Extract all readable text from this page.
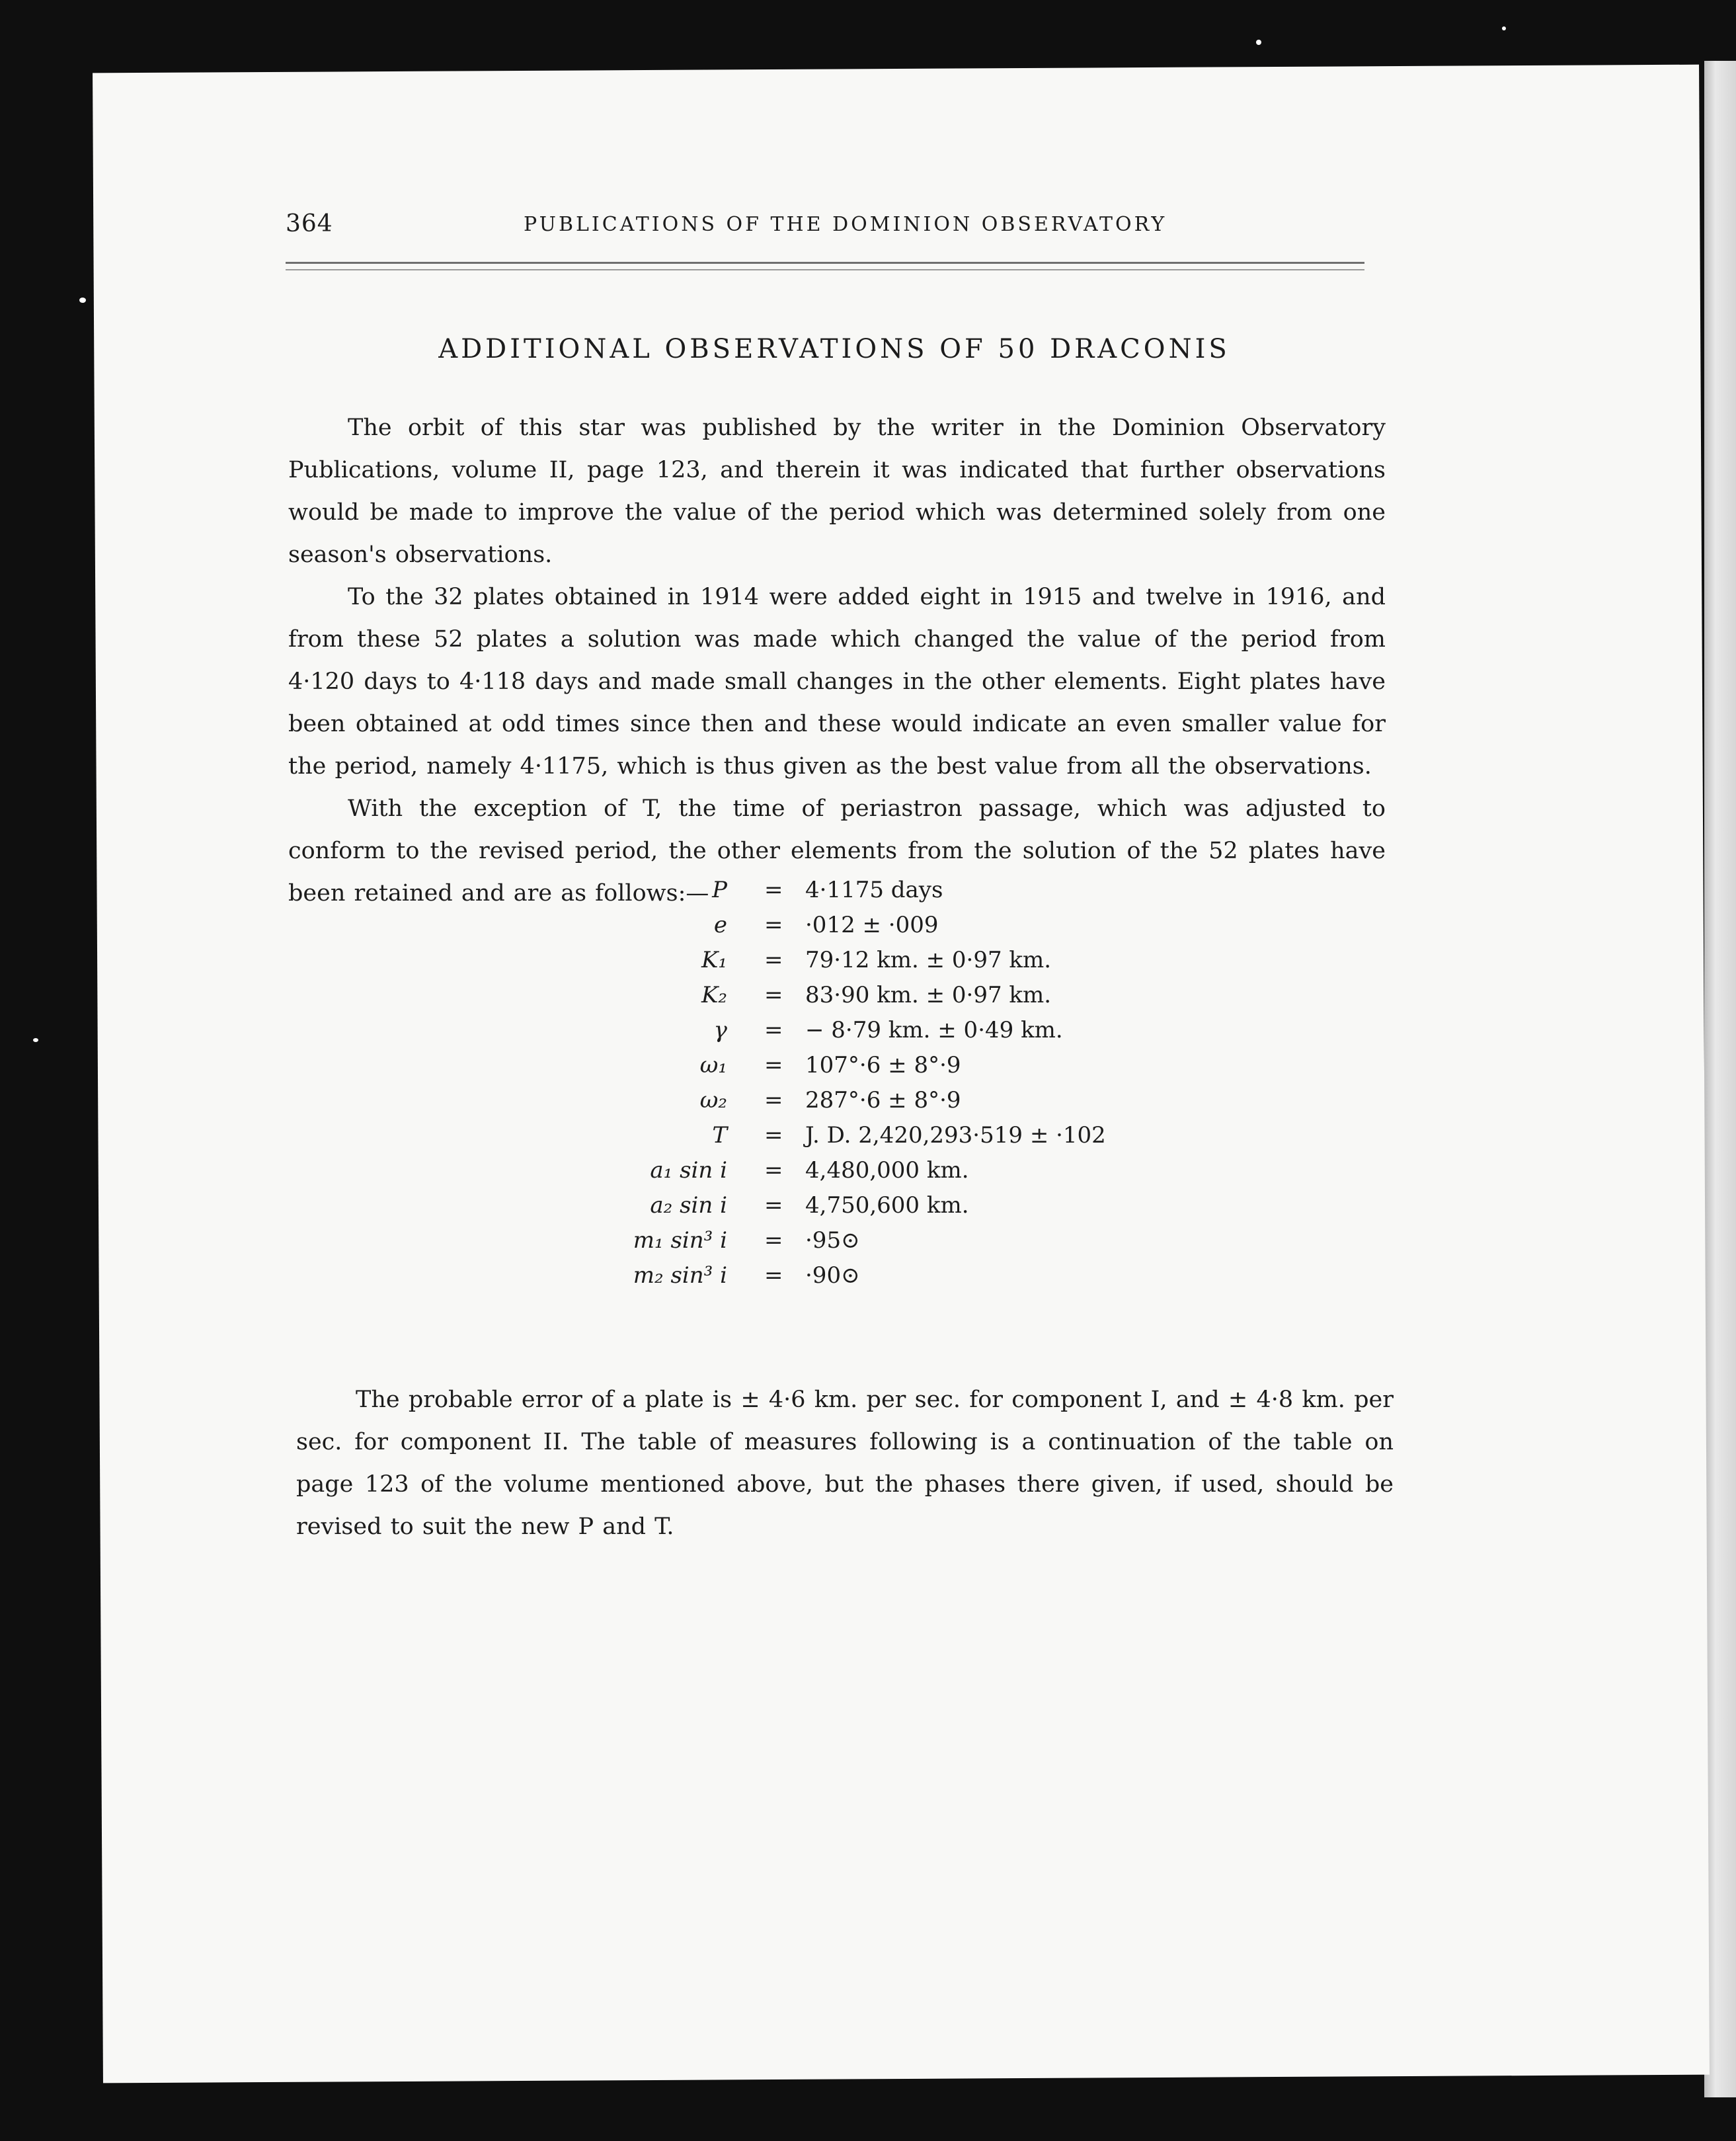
364	PUBLICATIONS OF THE DOMINION OBSERVATORY
ADDITIONAL OBSERVATIONS OF 50 DRACONIS

The orbit of this star was published by the writer in the Dominion Observatory Publications, volume II, page 123, and therein it was indicated that further observations would be made to improve the value of the period which was determined solely from one season's observations.

To the 32 plates obtained in 1914 were added eight in 1915 and twelve in 1916, and from these 52 plates a solution was made which changed the value of the period from 4·120 days to 4·118 days and made small changes in the other elements. Eight plates have been obtained at odd times since then and these would indicate an even smaller value for the period, namely 4·1175, which is thus given as the best value from all the observations.

With the exception of T, the time of periastron passage, which was adjusted to conform to the revised period, the other elements from the solution of the 52 plates have been retained and are as follows:— P = 4·1175 days
e = ·012 ± ·009
K₁ = 79·12 km. ± 0·97 km.
K₂ = 83·90 km. ± 0·97 km.
γ = − 8·79 km. ± 0·49 km.
ω₁ = 107°·6 ± 8°·9
ω₂ = 287°·6 ± 8°·9
T = J. D. 2,420,293·519 ± ·102
a₁ sin i = 4,480,000 km.
a₂ sin i = 4,750,600 km.
m₁ sin³ i = ·95⊙
m₂ sin³ i = ·90⊙
The probable error of a plate is ± 4·6 km. per sec. for component I, and ± 4·8 km. per sec. for component II. The table of measures following is a continuation of the table on page 123 of the volume mentioned above, but the phases there given, if used, should be revised to suit the new P and T.
